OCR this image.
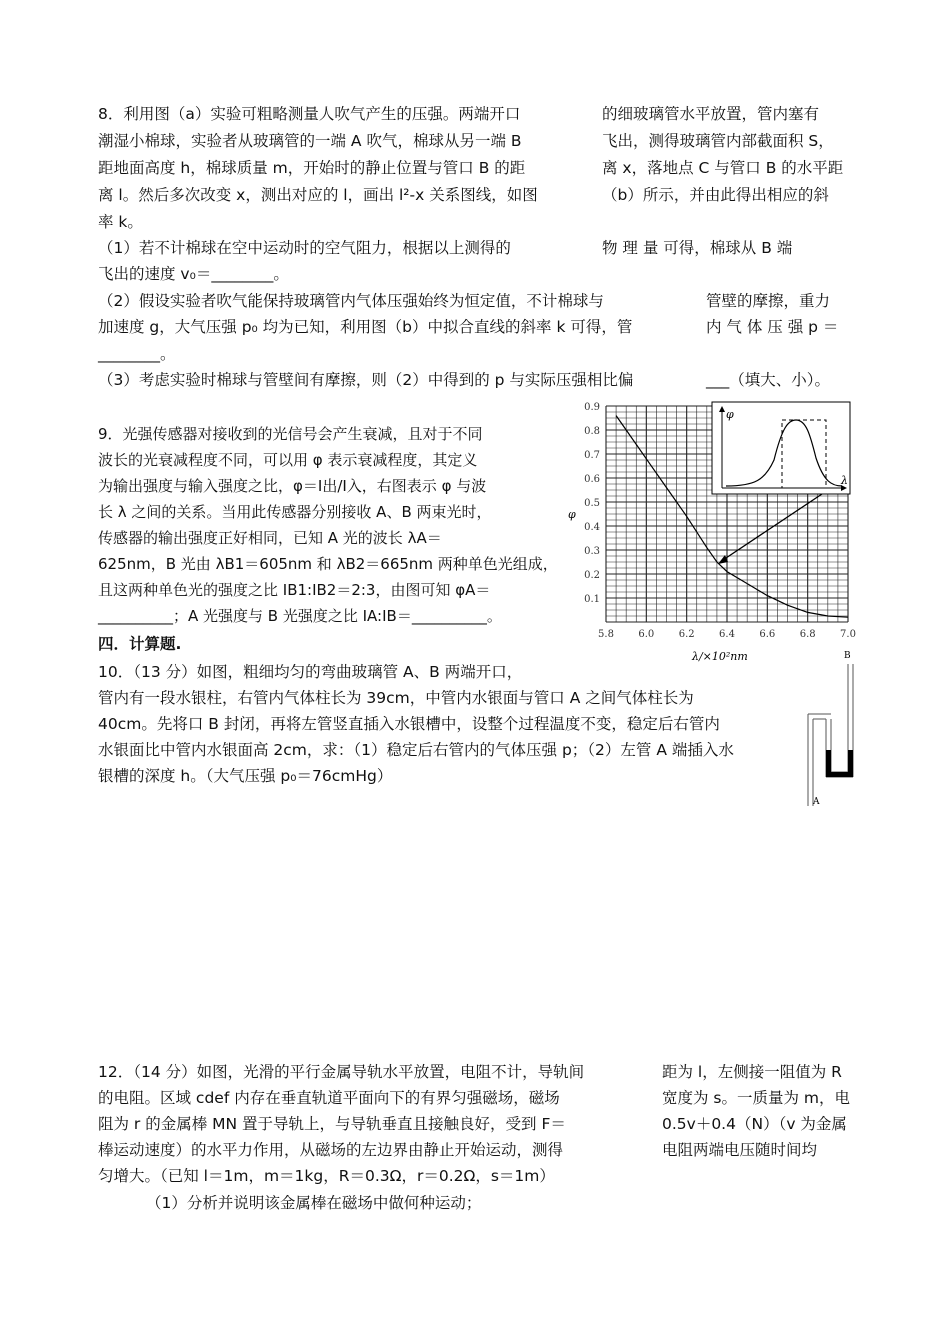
8．利用图（a）实验可粗略测量人吹气产生的压强。两端开口
潮湿小棉球，实验者从玻璃管的一端 A 吹气，棉球从另一端 B
距地面高度 h，棉球质量 m，开始时的静止位置与管口 B 的距
离 l。然后多次改变 x，测出对应的 l，画出 l²-x 关系图线，如图
率 k。
的细玻璃管水平放置，管内塞有
飞出，测得玻璃管内部截面积 S，
离 x，落地点 C 与管口 B 的水平距
（b）所示，并由此得出相应的斜
（1）若不计棉球在空中运动时的空气阻力，根据以上测得的	物 理 量 可得，棉球从 B 端
飞出的速度 v₀＝________。
（2）假设实验者吹气能保持玻璃管内气体压强始终为恒定值，不计棉球与	管壁的摩擦，重力
加速度 g，大气压强 p₀ 均为已知，利用图（b）中拟合直线的斜率 k 可得，管	内 气 体 压 强 p ＝
________。
（3）考虑实验时棉球与管壁间有摩擦，则（2）中得到的 p 与实际压强相比偏	___（填大、小）。
9．光强传感器对接收到的光信号会产生衰减，且对于不同
波长的光衰减程度不同，可以用 φ 表示衰减程度，其定义
为输出强度与输入强度之比，φ＝I出/I入，右图表示 φ 与波
长 λ 之间的关系。当用此传感器分别接收 A、B 两束光时，
传感器的输出强度正好相同，已知 A 光的波长 λA＝
625nm，B 光由 λB1＝605nm 和 λB2＝665nm 两种单色光组成，
且这两种单色光的强度之比 IB1:IB2＝2:3，由图可知 φA＝
__________；A 光强度与 B 光强度之比 IA:IB＝__________。
0.1
0.2
0.3
0.4
0.5
0.6
0.7
0.8
0.9
5.8 6.0 6.2 6.4 6.6 6.8 7.0
φ
λ/×10²nm
φ
λ
四．计算题.
10．（13 分）如图，粗细均匀的弯曲玻璃管 A、B 两端开口，
管内有一段水银柱，右管内气体柱长为 39cm，中管内水银面与管口 A 之间气体柱长为
40cm。先将口 B 封闭，再将左管竖直插入水银槽中，设整个过程温度不变，稳定后右管内
水银面比中管内水银面高 2cm，求：（1）稳定后右管内的气体压强 p；（2）左管 A 端插入水
银槽的深度 h。（大气压强 p₀＝76cmHg）
B
A
12．（14 分）如图，光滑的平行金属导轨水平放置，电阻不计，导轨间
的电阻。区域 cdef 内存在垂直轨道平面向下的有界匀强磁场，磁场
阻为 r 的金属棒 MN 置于导轨上，与导轨垂直且接触良好，受到 F＝
棒运动速度）的水平力作用，从磁场的左边界由静止开始运动，测得
匀增大。（已知 l＝1m，m＝1kg，R＝0.3Ω，r＝0.2Ω，s＝1m）
距为 l，左侧接一阻值为 R
宽度为 s。一质量为 m，电
0.5v＋0.4（N）（v 为金属
电阻两端电压随时间均
（1）分析并说明该金属棒在磁场中做何种运动；
